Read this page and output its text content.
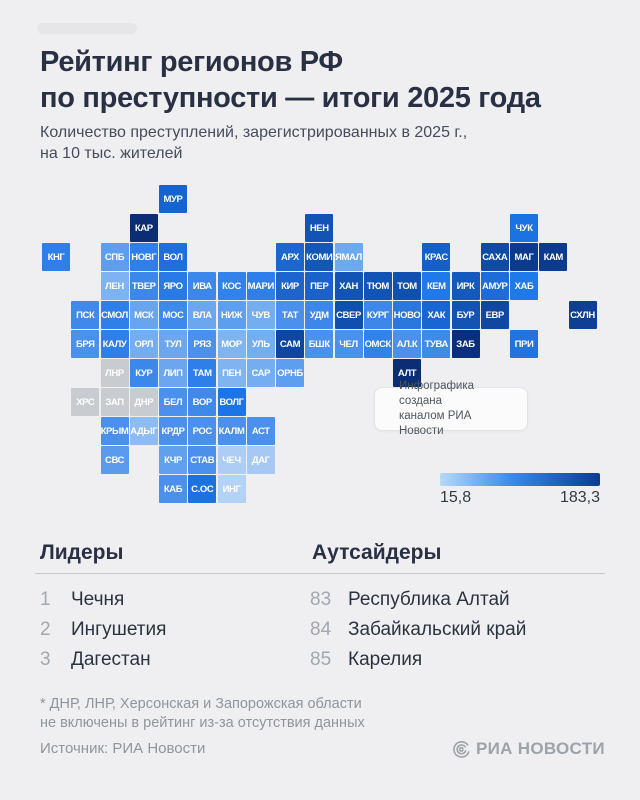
Рейтинг регионов РФ
по преступности — итоги 2025 года
Количество преступлений, зарегистрированных в 2025 г.,
на 10 тыс. жителей
МУР
КАР	НЕН	ЧУК
КНГ	СПБ НОВГ ВОЛ	АРХ КОМИ ЯМАЛ	КРАС	САХА МАГ КАМ
ЛЕН ТВЕР ЯРО ИВА КОС МАРИ КИР ПЕР ХАН ТЮМ ТОМ КЕМ ИРК АМУР ХАБ
ПСК СМОЛ МСК МОС ВЛА НИЖ ЧУВ ТАТ УДМ СВЕР КУРГ НОВО ХАК БУР ЕВР	СХЛН
БРЯ КАЛУ ОРЛ ТУЛ РЯЗ МОР УЛЬ САМ БШК ЧЕЛ ОМСК АЛ.К ТУВА ЗАБ	ПРИ
ЛНР КУР ЛИП ТАМ ПЕН САР ОРНБ	АЛТ
ХРС ЗАП ДНР БЕЛ ВОР ВОЛГ
КРЫМ АДЫГ КРДР РОС КАЛМ АСТ
СВС	КЧР СТАВ ЧЕЧ ДАГ
КАБ С.ОС ИНГ
Инфографика создана
каналом РИА Новости
15,8	183,3
Лидеры	Аутсайдеры
1 Чечня
2 Ингушетия
3 Дагестан
83 Республика Алтай
84 Забайкальский край
85 Карелия
* ДНР, ЛНР, Херсонская и Запорожская области
не включены в рейтинг из-за отсутствия данных
Источник: РИА Новости	РИА НОВОСТИ
